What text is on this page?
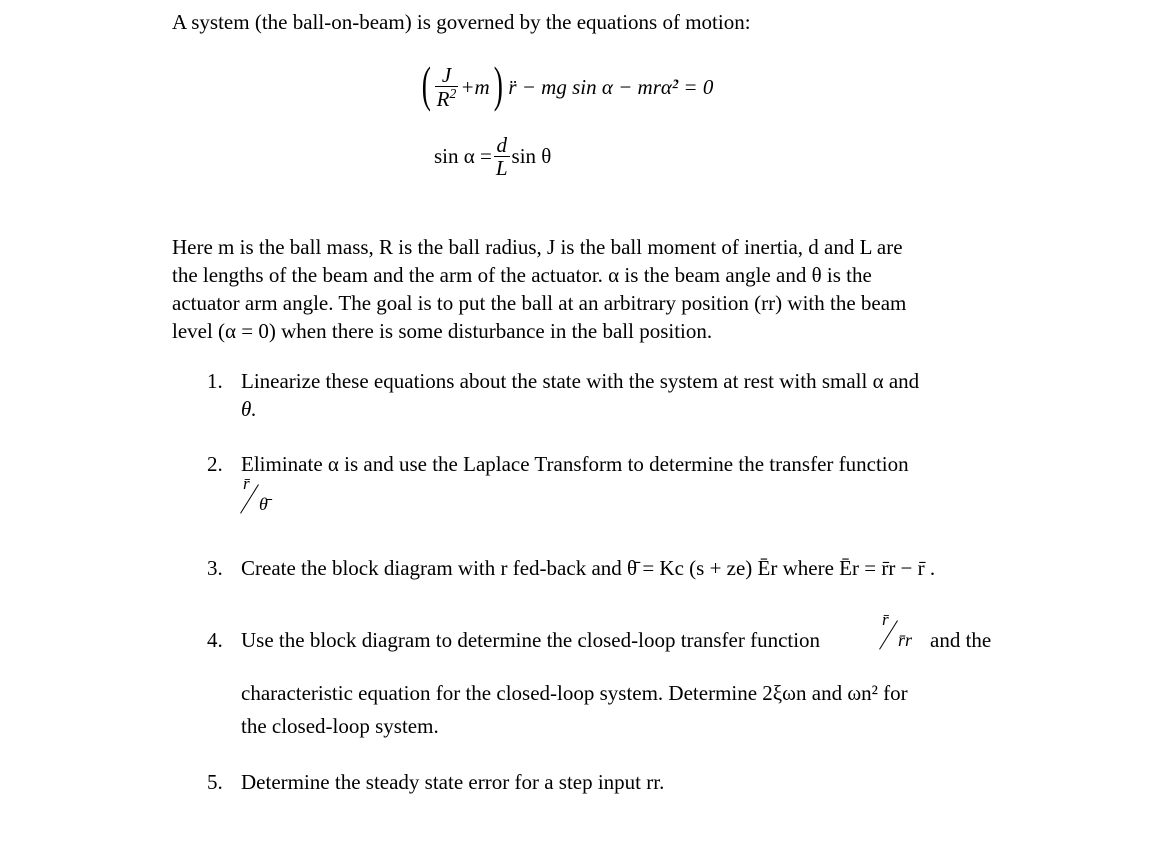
A system (the ball-on-beam) is governed by the equations of motion:
( $\frac{J}{R^2} +m$ ) r̈ − mg sin α − mrα̇² = 0
$\sin \alpha = \frac{d}{L}$ sin θ
Here m is the ball mass, R is the ball radius, J is the ball moment of inertia, d and L are
the lengths of the beam and the arm of the actuator. α is the beam angle and θ is the
actuator arm angle. The goal is to put the ball at an arbitrary position (rr) with the beam
level (α = 0) when there is some disturbance in the ball position.
1. Linearize these equations about the state with the system at rest with small α and
θ.
2. Eliminate α is and use the Laplace Transform to determine the transfer function
r̄
θ̄
3. Create the block diagram with r fed-back and θ̄ = Kc (s + ze) Ēr where Ēr = r̄r − r̄ .
4. Use the block diagram to determine the closed-loop transfer function
r̄
r̄r and the
characteristic equation for the closed-loop system. Determine 2ξωn and ωn² for
the closed-loop system.
5. Determine the steady state error for a step input rr.
